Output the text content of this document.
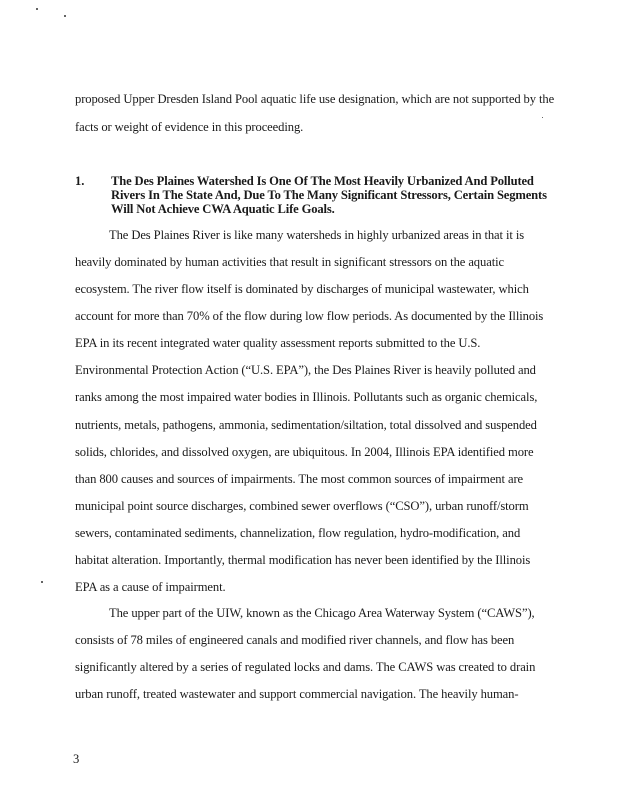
proposed Upper Dresden Island Pool aquatic life use designation, which are not supported by the
facts or weight of evidence in this proceeding.
1. The Des Plaines Watershed Is One Of The Most Heavily Urbanized And Polluted
Rivers In The State And, Due To The Many Significant Stressors, Certain Segments
Will Not Achieve CWA Aquatic Life Goals.
The Des Plaines River is like many watersheds in highly urbanized areas in that it is
heavily dominated by human activities that result in significant stressors on the aquatic
ecosystem. The river flow itself is dominated by discharges of municipal wastewater, which
account for more than 70% of the flow during low flow periods. As documented by the Illinois
EPA in its recent integrated water quality assessment reports submitted to the U.S.
Environmental Protection Action (“U.S. EPA”), the Des Plaines River is heavily polluted and
ranks among the most impaired water bodies in Illinois. Pollutants such as organic chemicals,
nutrients, metals, pathogens, ammonia, sedimentation/siltation, total dissolved and suspended
solids, chlorides, and dissolved oxygen, are ubiquitous. In 2004, Illinois EPA identified more
than 800 causes and sources of impairments. The most common sources of impairment are
municipal point source discharges, combined sewer overflows (“CSO”), urban runoff/storm
sewers, contaminated sediments, channelization, flow regulation, hydro-modification, and
habitat alteration. Importantly, thermal modification has never been identified by the Illinois
EPA as a cause of impairment.
The upper part of the UIW, known as the Chicago Area Waterway System (“CAWS”),
consists of 78 miles of engineered canals and modified river channels, and flow has been
significantly altered by a series of regulated locks and dams. The CAWS was created to drain
urban runoff, treated wastewater and support commercial navigation. The heavily human-
3
